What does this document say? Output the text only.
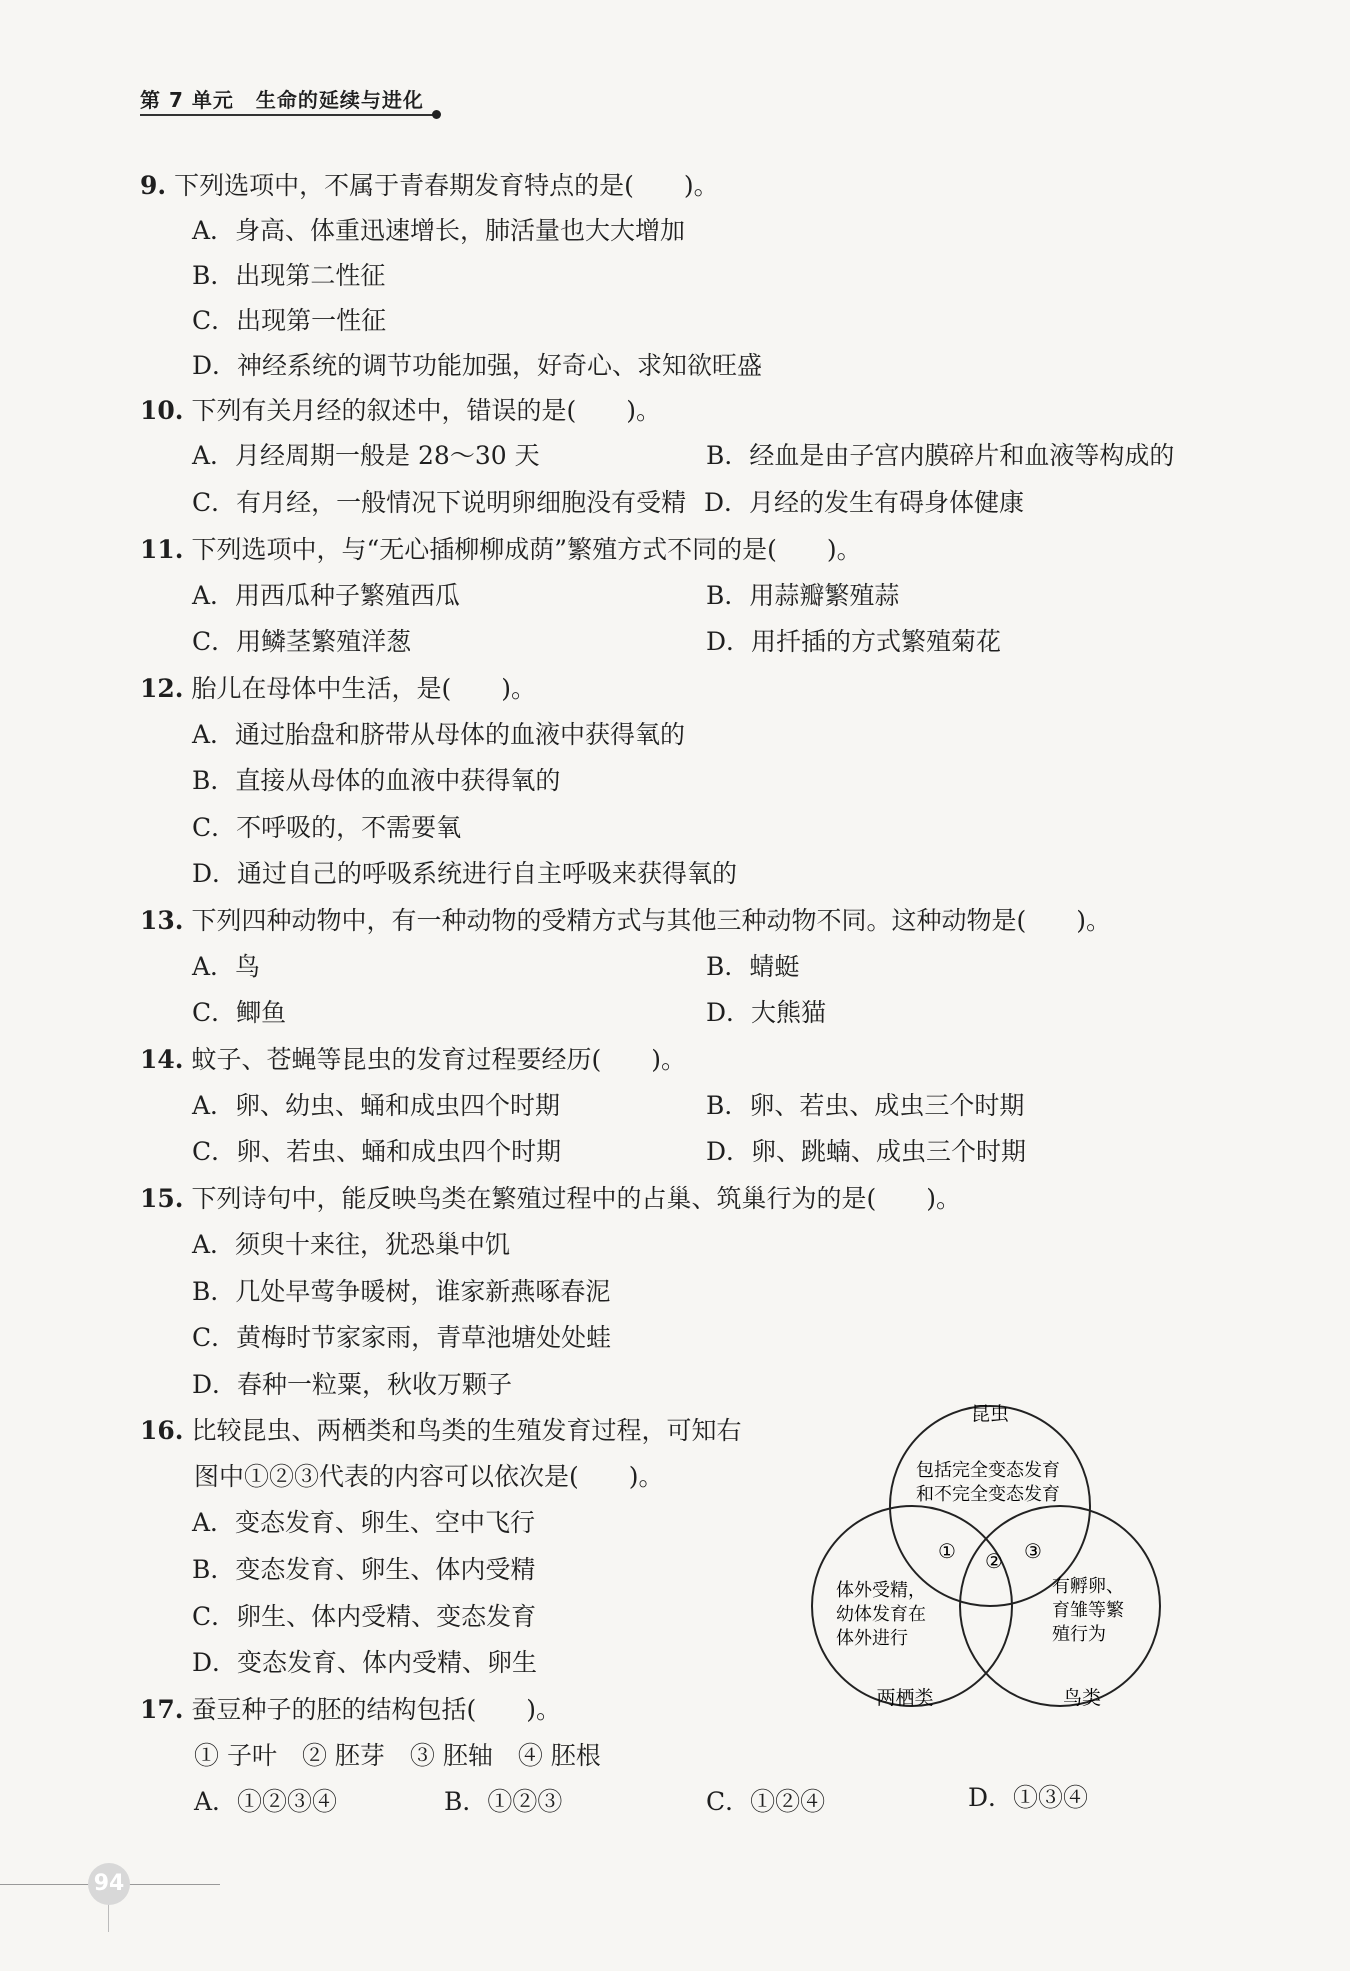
第 7 单元 生命的延续与进化
9. 下列选项中，不属于青春期发育特点的是(　　)。
A．身高、体重迅速增长，肺活量也大大增加
B．出现第二性征
C．出现第一性征
D．神经系统的调节功能加强，好奇心、求知欲旺盛
10. 下列有关月经的叙述中，错误的是(　　)。
A．月经周期一般是 28～30 天	B．经血是由子宫内膜碎片和血液等构成的
C．有月经，一般情况下说明卵细胞没有受精 D．月经的发生有碍身体健康
11. 下列选项中，与“无心插柳柳成荫”繁殖方式不同的是(　　)。
A．用西瓜种子繁殖西瓜	B．用蒜瓣繁殖蒜
C．用鳞茎繁殖洋葱	D．用扦插的方式繁殖菊花
12. 胎儿在母体中生活，是(　　)。
A．通过胎盘和脐带从母体的血液中获得氧的
B．直接从母体的血液中获得氧的
C．不呼吸的，不需要氧
D．通过自己的呼吸系统进行自主呼吸来获得氧的
13. 下列四种动物中，有一种动物的受精方式与其他三种动物不同。这种动物是(　　)。
A．鸟	B．蜻蜓
C．鲫鱼	D．大熊猫
14. 蚊子、苍蝇等昆虫的发育过程要经历(　　)。
A．卵、幼虫、蛹和成虫四个时期	B．卵、若虫、成虫三个时期
C．卵、若虫、蛹和成虫四个时期	D．卵、跳蝻、成虫三个时期
15. 下列诗句中，能反映鸟类在繁殖过程中的占巢、筑巢行为的是(　　)。
A．须臾十来往，犹恐巢中饥
B．几处早莺争暖树，谁家新燕啄春泥
C．黄梅时节家家雨，青草池塘处处蛙
D．春种一粒粟，秋收万颗子
16. 比较昆虫、两栖类和鸟类的生殖发育过程，可知右
图中①②③代表的内容可以依次是(　　)。
A．变态发育、卵生、空中飞行
B．变态发育、卵生、体内受精
C．卵生、体内受精、变态发育
D．变态发育、体内受精、卵生
昆虫
两栖类	鸟类
包括完全变态发育
和不完全变态发育
体外受精，
幼体发育在
体外进行
有孵卵、
育雏等繁
殖行为
① ② ③
17. 蚕豆种子的胚的结构包括(　　)。
① 子叶　② 胚芽　③ 胚轴　④ 胚根
A．①②③④	B．①②③	C．①②④	D．①③④
94
